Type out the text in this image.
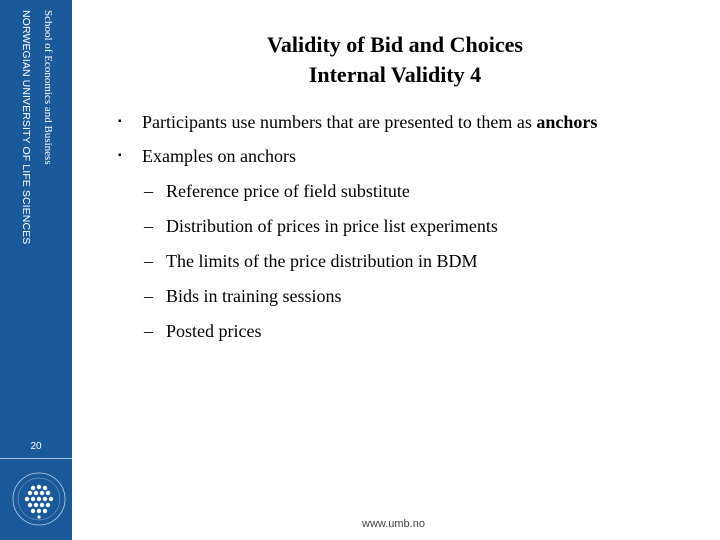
School of Economics and Business
NORWEGIAN UNIVERSITY OF LIFE SCIENCES
20
Validity of Bid and Choices
Internal Validity 4
▪ Participants use numbers that are presented to them as anchors
▪ Examples on anchors
– Reference price of field substitute
– Distribution of prices in price list experiments
– The limits of the price distribution in BDM
– Bids in training sessions
– Posted prices
www.umb.no
